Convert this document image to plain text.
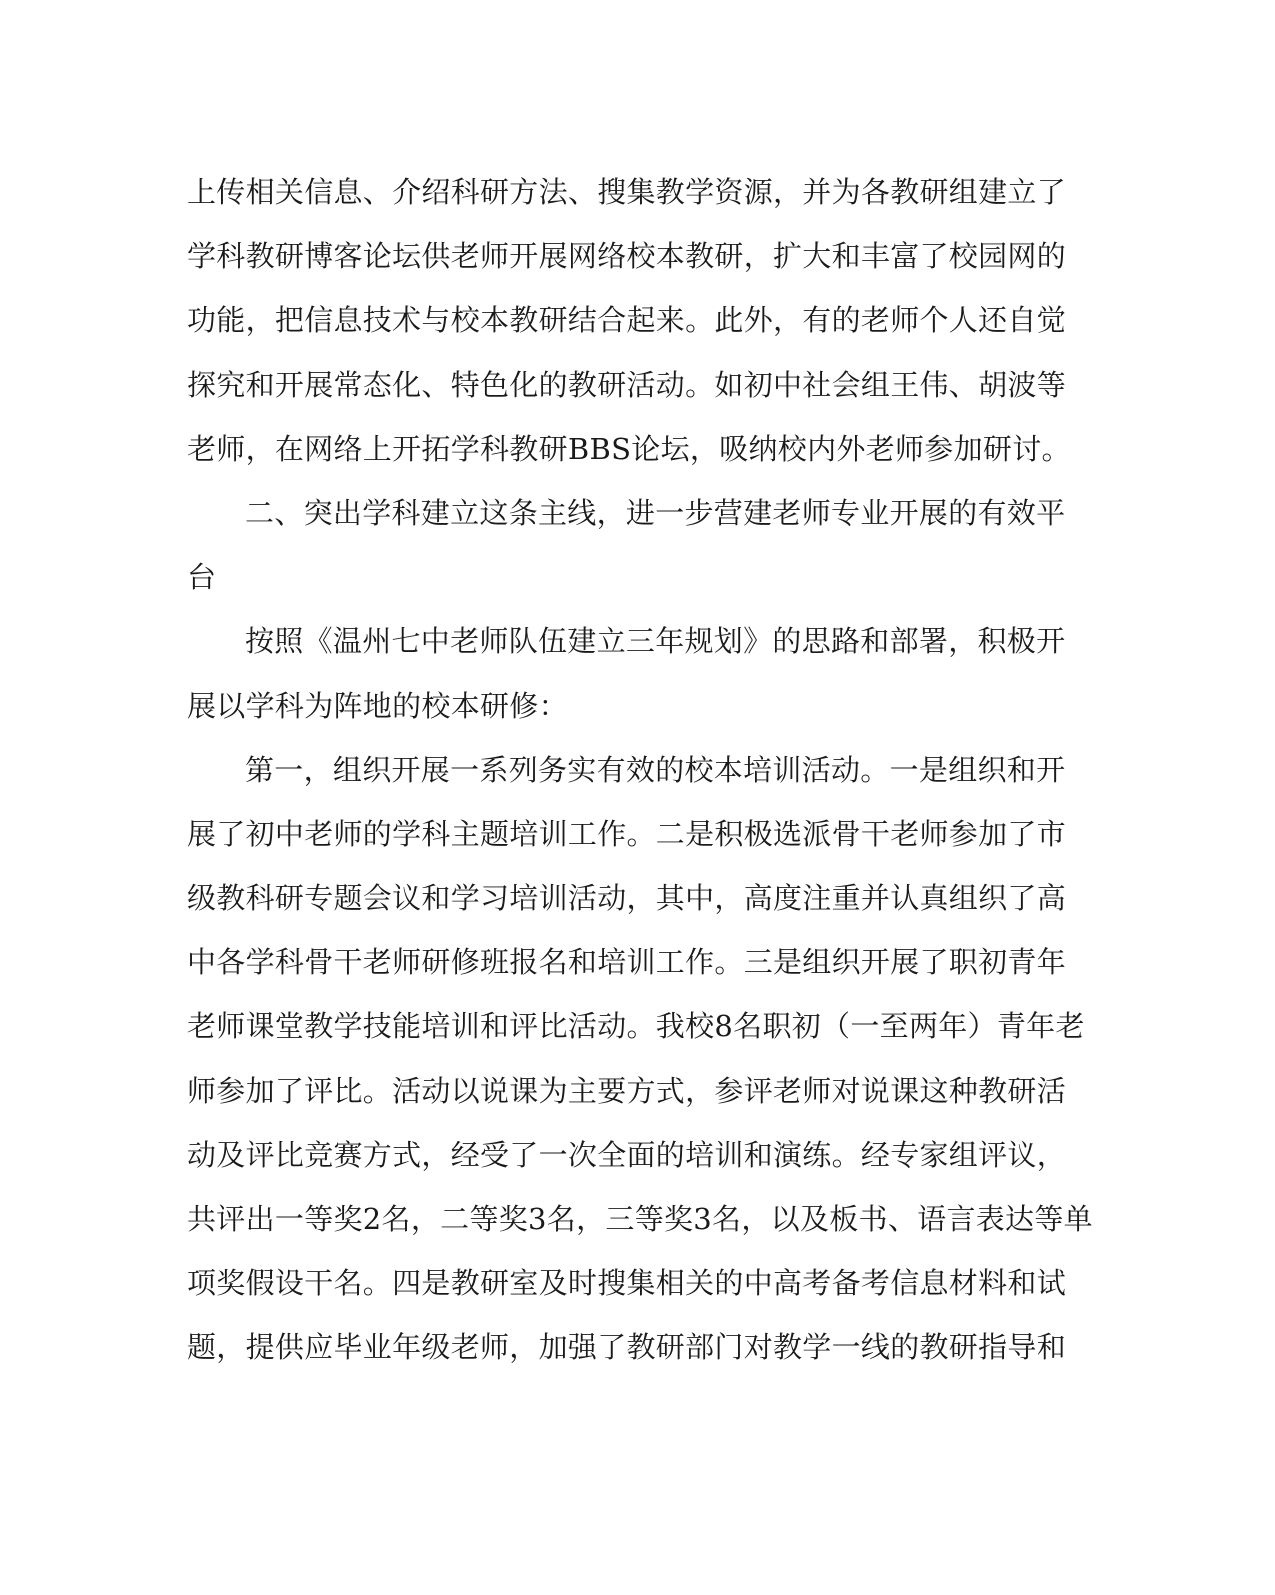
上传相关信息、介绍科研方法、搜集教学资源，并为各教研组建立了
学科教研博客论坛供老师开展网络校本教研，扩大和丰富了校园网的
功能，把信息技术与校本教研结合起来。此外，有的老师个人还自觉
探究和开展常态化、特色化的教研活动。如初中社会组王伟、胡波等
老师，在网络上开拓学科教研BBS论坛，吸纳校内外老师参加研讨。
二、突出学科建立这条主线，进一步营建老师专业开展的有效平
台
按照《温州七中老师队伍建立三年规划》的思路和部署，积极开
展以学科为阵地的校本研修：
第一，组织开展一系列务实有效的校本培训活动。一是组织和开
展了初中老师的学科主题培训工作。二是积极选派骨干老师参加了市
级教科研专题会议和学习培训活动，其中，高度注重并认真组织了高
中各学科骨干老师研修班报名和培训工作。三是组织开展了职初青年
老师课堂教学技能培训和评比活动。我校8名职初（一至两年）青年老
师参加了评比。活动以说课为主要方式，参评老师对说课这种教研活
动及评比竞赛方式，经受了一次全面的培训和演练。经专家组评议，
共评出一等奖2名，二等奖3名，三等奖3名，以及板书、语言表达等单
项奖假设干名。四是教研室及时搜集相关的中高考备考信息材料和试
题，提供应毕业年级老师，加强了教研部门对教学一线的教研指导和
